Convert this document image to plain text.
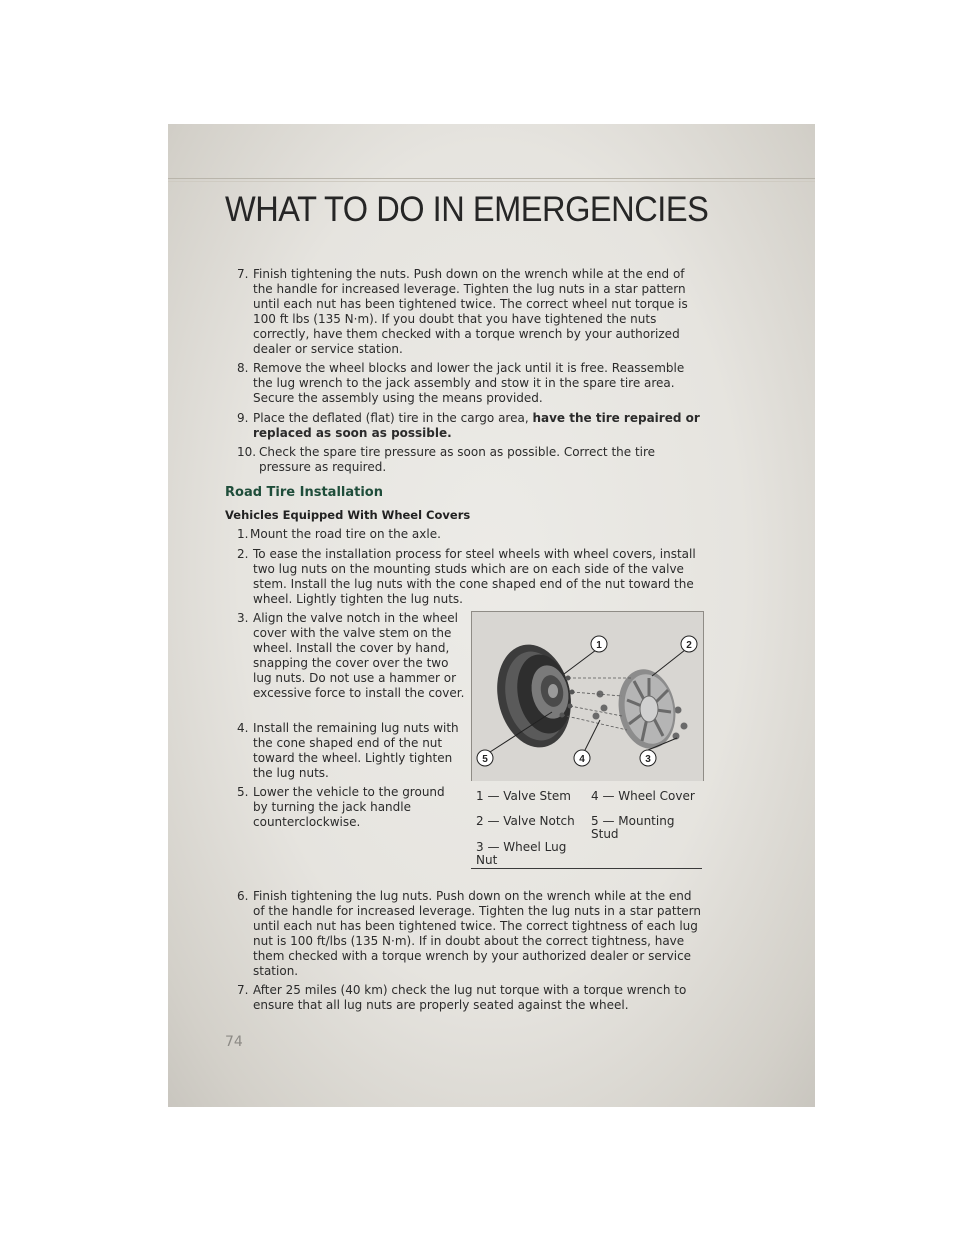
WHAT TO DO IN EMERGENCIES
7. Finish tightening the nuts. Push down on the wrench while at the end of the handle for increased leverage. Tighten the lug nuts in a star pattern until each nut has been tightened twice. The correct wheel nut torque is 100 ft lbs (135 N·m). If you doubt that you have tightened the nuts correctly, have them checked with a torque wrench by your authorized dealer or service station.
8. Remove the wheel blocks and lower the jack until it is free. Reassemble the lug wrench to the jack assembly and stow it in the spare tire area. Secure the assembly using the means provided.
9. Place the deflated (flat) tire in the cargo area, have the tire repaired or replaced as soon as possible.
10. Check the spare tire pressure as soon as possible. Correct the tire pressure as required.
Road Tire Installation
Vehicles Equipped With Wheel Covers
1. Mount the road tire on the axle.
2. To ease the installation process for steel wheels with wheel covers, install two lug nuts on the mounting studs which are on each side of the valve stem. Install the lug nuts with the cone shaped end of the nut toward the wheel. Lightly tighten the lug nuts.
3. Align the valve notch in the wheel cover with the valve stem on the wheel. Install the cover by hand, snapping the cover over the two lug nuts. Do not use a hammer or excessive force to install the cover.
4. Install the remaining lug nuts with the cone shaped end of the nut toward the wheel. Lightly tighten the lug nuts.
5. Lower the vehicle to the ground by turning the jack handle counterclockwise.
1	2
3
4
5
1 — Valve Stem
2 — Valve Notch
3 — Wheel Lug Nut
4 — Wheel Cover
5 — Mounting Stud
6. Finish tightening the lug nuts. Push down on the wrench while at the end of the handle for increased leverage. Tighten the lug nuts in a star pattern until each nut has been tightened twice. The correct tightness of each lug nut is 100 ft/lbs (135 N·m). If in doubt about the correct tightness, have them checked with a torque wrench by your authorized dealer or service station.
7. After 25 miles (40 km) check the lug nut torque with a torque wrench to ensure that all lug nuts are properly seated against the wheel.
74
